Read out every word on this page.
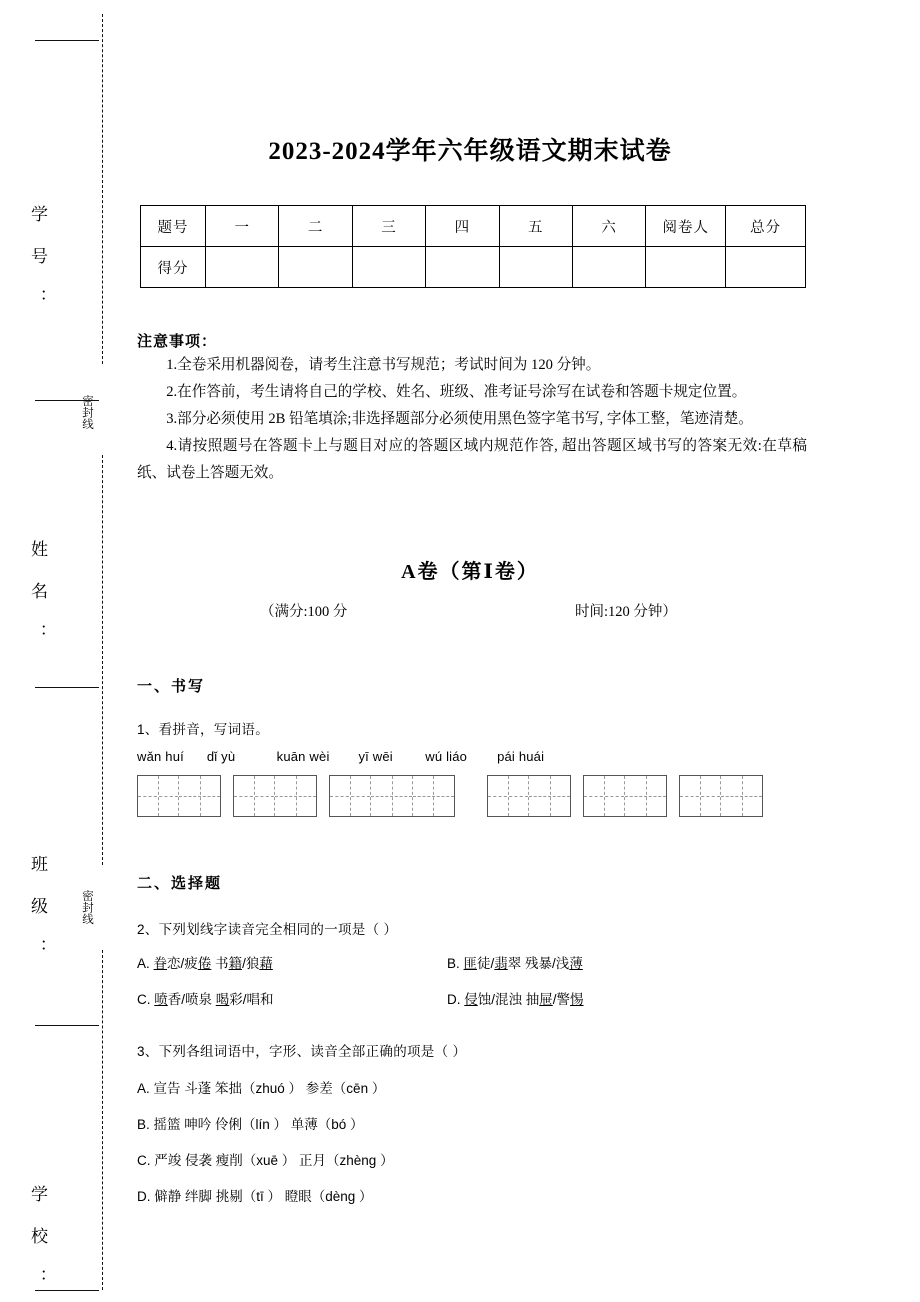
学 号 ：
姓 名 ：
班 级 ：
学 校 ：
密封线
密封线
2023-2024学年六年级语文期末试卷
题号	一	二	三	四	五	六	阅卷人	总分
得分								
注意事项：

1.全卷采用机器阅卷，请考生注意书写规范；考试时间为 120 分钟。

2.在作答前，考生请将自己的学校、姓名、班级、准考证号涂写在试卷和答题卡规定位置。

3.部分必须使用 2B 铅笔填涂;非选择题部分必须使用黑色签字笔书写, 字体工整，笔迹清楚。

4.请按照题号在答题卡上与题目对应的答题区域内规范作答, 超出答题区域书写的答案无效:在草稿纸、试卷上答题无效。

A卷（第Ⅰ卷）
（满分:100 分	时间:120 分钟）
一、书写
1、看拼音，写词语。
wǎn huí dǐ yù	kuān wèi yī wēi wú liáo pái huái
二、选择题
2、下列划线字读音完全相同的一项是（ ）
A. 眷恋/疲倦 书籍/狼藉	B. 匪徒/翡翠 残暴/浅薄
C. 喷香/喷泉 喝彩/唱和	D. 侵蚀/混浊 抽屉/警惕
3、下列各组词语中，字形、读音全部正确的项是（ ）
A. 宣告 斗蓬 笨拙（zhuó ） 参差（cēn ）
B. 摇篮 呻吟 伶俐（lín ） 单薄（bó ）
C. 严竣 侵袭 瘦削（xuē ） 正月（zhèng ）
D. 僻静 绊脚 挑剔（tī ） 瞪眼（dèng ）
